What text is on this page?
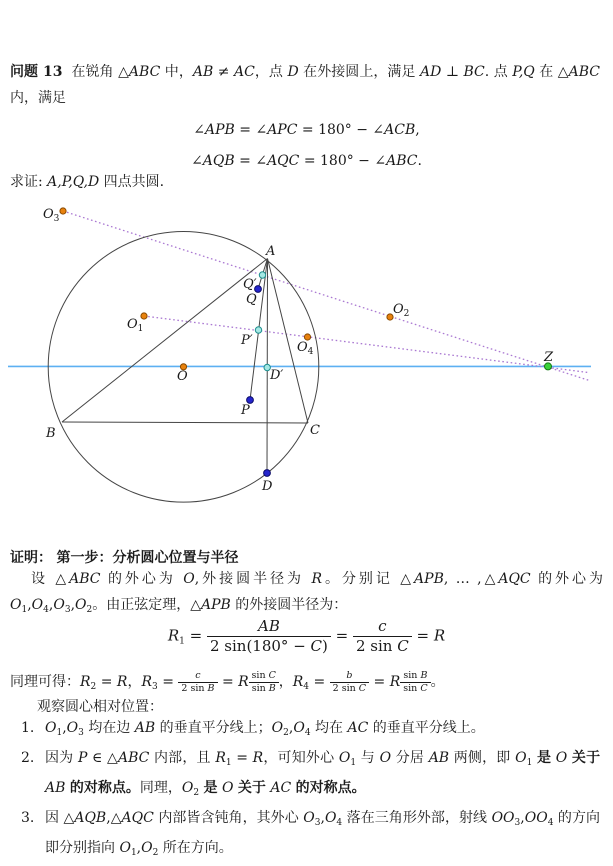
问题 13  在锐角 △ABC 中，AB ≠ AC，点 D 在外接圆上，满足 AD ⊥ BC. 点 P,Q 在 △ABC 内，满足
∠APB = ∠APC = 180° − ∠ACB,
∠AQB = ∠AQC = 180° − ∠ABC.
求证: A,P,Q,D 四点共圆.
$O_3$
A
Q′
Q
$O_1$
$O_2$
P′	$O_4$
O	D′
Z
P
B	C
D
证明： 第一步：分析圆心位置与半径
设 △ABC 的外心为 O,外接圆半径为 R。分别记 △APB, … ,△AQC 的外心为 $O_1,O_4,O_3,O_2$。由正弦定理，△APB 的外接圆半径为：
$R_1 = \frac{AB}{2 \sin(180^\circ - C)} = \frac{c}{\text{2 sin C}} = R$
同理可得：$R_2 = R$，$R_3 = \frac{c}{\text{2 sin B}} = R \frac{\text{sin C}}{\text{sin B}}$ ，$R_4 = \frac{b}{\text{2 sin C}} = R \frac{\text{sin B}}{\text{sin C}}$ 。
观察圆心相对位置：
1. $O_1,O_3$ 均在边 AB 的垂直平分线上；$O_2,O_4$ 均在 AC 的垂直平分线上。
2. 因为 P ∈ △ABC 内部，且 $R_1 = R$，可知外心 $O_1$ 与 O 分居 AB 两侧，即 $O_1$ 是 O 关于 AB 的对称点。同理，$O_2$ 是 O 关于 AC 的对称点。
3. 因 △AQB,△AQC 内部皆含钝角，其外心 $O_3,O_4$ 落在三角形外部，射线 $OO_3,OO_4$ 的方向即分别指向 $O_1,O_2$ 所在方向。
